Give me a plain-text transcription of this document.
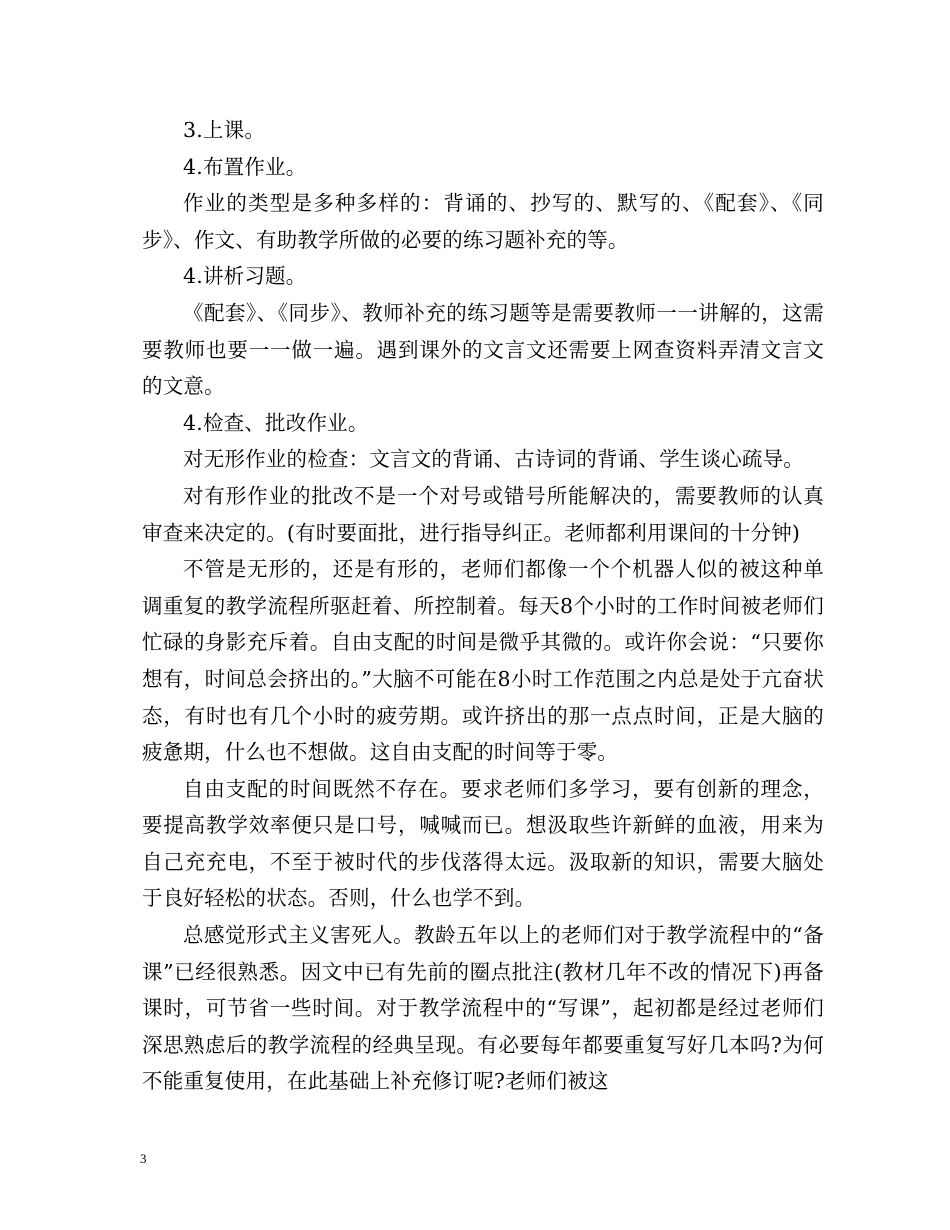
3.上课。

4.布置作业。

作业的类型是多种多样的：背诵的、抄写的、默写的、《配套》、《同步》、作文、有助教学所做的必要的练习题补充的等。

4.讲析习题。

《配套》、《同步》、教师补充的练习题等是需要教师一一讲解的，这需要教师也要一一做一遍。遇到课外的文言文还需要上网查资料弄清文言文的文意。

4.检查、批改作业。

对无形作业的检查：文言文的背诵、古诗词的背诵、学生谈心疏导。

对有形作业的批改不是一个对号或错号所能解决的，需要教师的认真审查来决定的。(有时要面批，进行指导纠正。老师都利用课间的十分钟)

不管是无形的，还是有形的，老师们都像一个个机器人似的被这种单调重复的教学流程所驱赶着、所控制着。每天8个小时的工作时间被老师们忙碌的身影充斥着。自由支配的时间是微乎其微的。或许你会说：“只要你想有，时间总会挤出的。”大脑不可能在8小时工作范围之内总是处于亢奋状态，有时也有几个小时的疲劳期。或许挤出的那一点点时间，正是大脑的疲惫期，什么也不想做。这自由支配的时间等于零。

自由支配的时间既然不存在。要求老师们多学习，要有创新的理念，要提高教学效率便只是口号，喊喊而已。想汲取些许新鲜的血液，用来为自己充充电，不至于被时代的步伐落得太远。汲取新的知识，需要大脑处于良好轻松的状态。否则，什么也学不到。

总感觉形式主义害死人。教龄五年以上的老师们对于教学流程中的“备课”已经很熟悉。因文中已有先前的圈点批注(教材几年不改的情况下)再备课时，可节省一些时间。对于教学流程中的“写课”，起初都是经过老师们深思熟虑后的教学流程的经典呈现。有必要每年都要重复写好几本吗?为何不能重复使用，在此基础上补充修订呢?老师们被这

3
